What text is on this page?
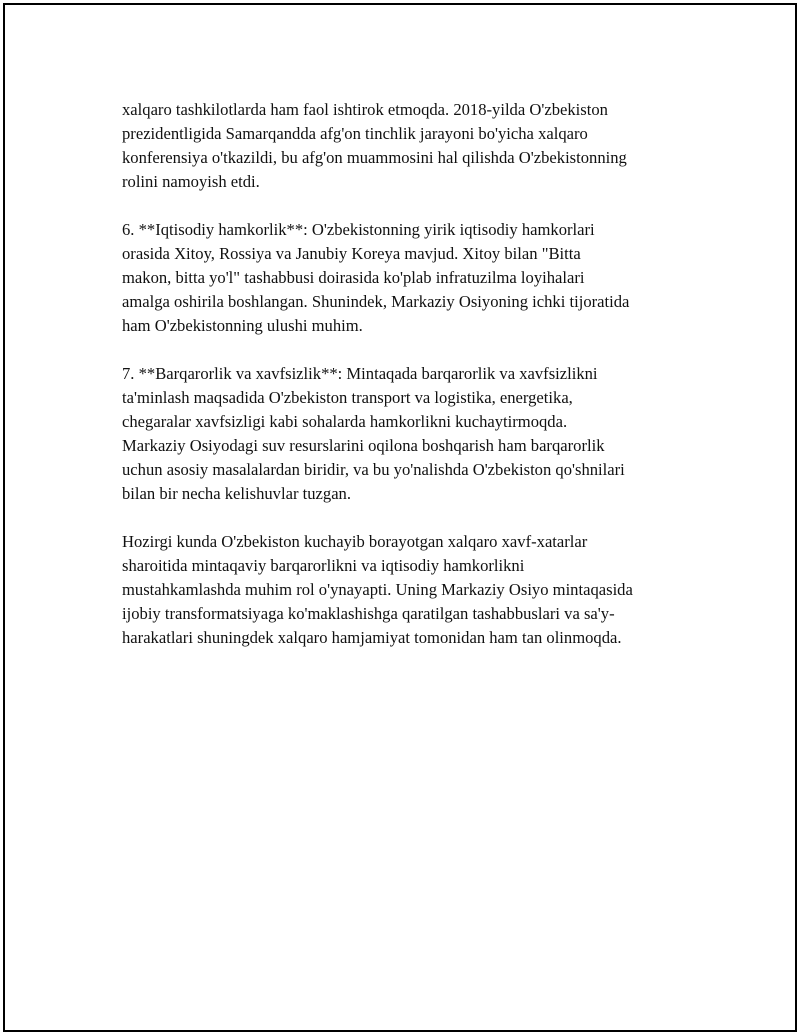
xalqaro tashkilotlarda ham faol ishtirok etmoqda. 2018-yilda O'zbekiston
prezidentligida Samarqandda afg'on tinchlik jarayoni bo'yicha xalqaro
konferensiya o'tkazildi, bu afg'on muammosini hal qilishda O'zbekistonning
rolini namoyish etdi.

6. **Iqtisodiy hamkorlik**: O'zbekistonning yirik iqtisodiy hamkorlari
orasida Xitoy, Rossiya va Janubiy Koreya mavjud. Xitoy bilan "Bitta
makon, bitta yo'l" tashabbusi doirasida ko'plab infratuzilma loyihalari
amalga oshirila boshlangan. Shunindek, Markaziy Osiyoning ichki tijoratida
ham O'zbekistonning ulushi muhim.

7. **Barqarorlik va xavfsizlik**: Mintaqada barqarorlik va xavfsizlikni
ta'minlash maqsadida O'zbekiston transport va logistika, energetika,
chegaralar xavfsizligi kabi sohalarda hamkorlikni kuchaytirmoqda.
Markaziy Osiyodagi suv resurslarini oqilona boshqarish ham barqarorlik
uchun asosiy masalalardan biridir, va bu yo'nalishda O'zbekiston qo'shnilari
bilan bir necha kelishuvlar tuzgan.

Hozirgi kunda O'zbekiston kuchayib borayotgan xalqaro xavf-xatarlar
sharoitida mintaqaviy barqarorlikni va iqtisodiy hamkorlikni
mustahkamlashda muhim rol o'ynayapti. Uning Markaziy Osiyo mintaqasida
ijobiy transformatsiyaga ko'maklashishga qaratilgan tashabbuslari va sa'y-
harakatlari shuningdek xalqaro hamjamiyat tomonidan ham tan olinmoqda.
